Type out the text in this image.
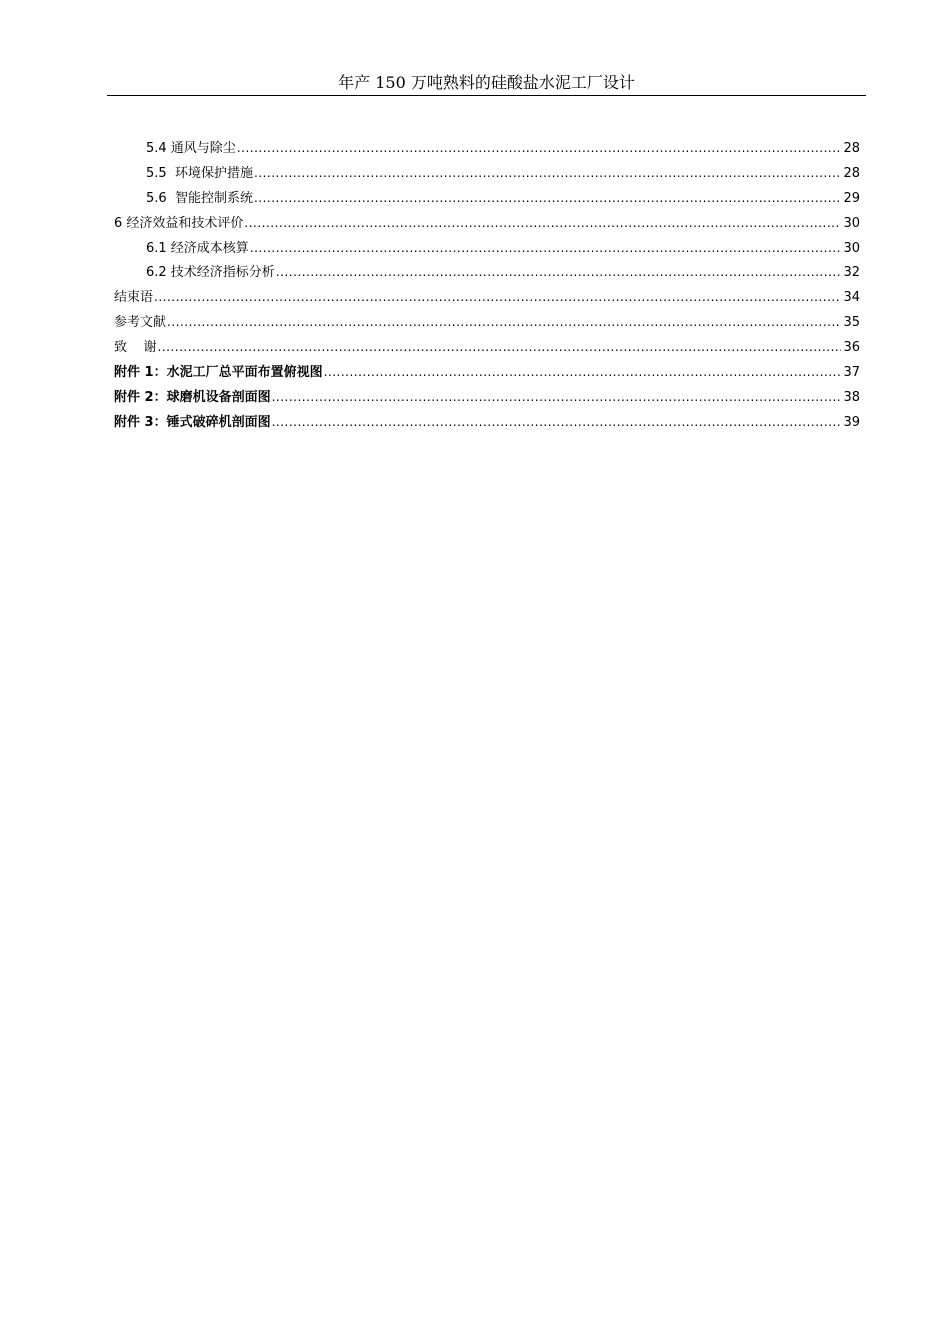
年产 150 万吨熟料的硅酸盐水泥工厂设计
5.4 通风与除尘 .....	28
5.5  环境保护措施 .....	28
5.6  智能控制系统 .....	29
6 经济效益和技术评价 .....	30
6.1 经济成本核算 .....	30
6.2 技术经济指标分析 .....	32
结束语 .....	34
参考文献 .....	35
致    谢 .....	36
附件 1：水泥工厂总平面布置俯视图 .....	37
附件 2：球磨机设备剖面图 .....	38
附件 3：锤式破碎机剖面图 .....	39
